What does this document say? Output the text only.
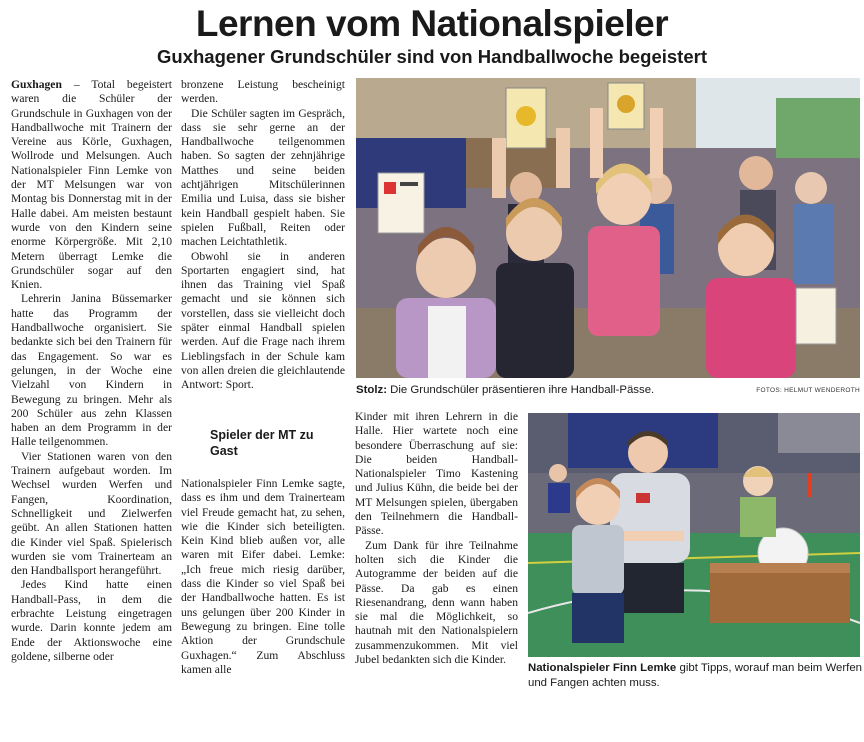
Lernen vom Nationalspieler
Guxhagener Grundschüler sind von Handballwoche begeistert

Guxhagen – Total begeistert waren die Schüler der Grundschule in Guxhagen von der Handballwoche mit Trainern der Vereine aus Körle, Guxhagen, Wollrode und Melsungen. Auch Nationalspieler Finn Lemke von der MT Melsungen war von Montag bis Donnerstag mit in der Halle dabei. Am meisten bestaunt wurde von den Kindern seine enorme Körpergröße. Mit 2,10 Metern überragt Lemke die Grundschüler sogar auf den Knien.

Lehrerin Janina Büssemarker hatte das Programm der Handballwoche organisiert. Sie bedankte sich bei den Trainern für das Engagement. So war es gelungen, in der Woche eine Vielzahl von Kindern in Bewegung zu bringen. Mehr als 200 Schüler aus zehn Klassen haben an dem Programm in der Halle teilgenommen.

Vier Stationen waren von den Trainern aufgebaut worden. Im Wechsel wurden Werfen und Fangen, Koordination, Schnelligkeit und Zielwerfen geübt. An allen Stationen hatten die Kinder viel Spaß. Spielerisch wurden sie vom Trainerteam an den Handballsport herangeführt.

Jedes Kind hatte einen Handball-Pass, in dem die erbrachte Leistung eingetragen wurde. Darin konnte jedem am Ende der Aktionswoche eine goldene, silberne oder

bronzene Leistung bescheinigt werden.

Die Schüler sagten im Gespräch, dass sie sehr gerne an der Handballwoche teilgenommen haben. So sagten der zehnjährige Matthes und seine beiden achtjährigen Mitschülerinnen Emilia und Luisa, dass sie bisher kein Handball gespielt haben. Sie spielen Fußball, Reiten oder machen Leichtathletik.

Obwohl sie in anderen Sportarten engagiert sind, hat ihnen das Training viel Spaß gemacht und sie können sich vorstellen, dass sie vielleicht doch später einmal Handball spielen werden. Auf die Frage nach ihrem Lieblingsfach in der Schule kam von allen dreien die gleichlautende Antwort: Sport.

Spieler der MT zu Gast

Nationalspieler Finn Lemke sagte, dass es ihm und dem Trainerteam viel Freude gemacht hat, zu sehen, wie die Kinder sich beteiligten. Kein Kind blieb außen vor, alle waren mit Eifer dabei. Lemke: „Ich freue mich riesig darüber, dass die Kinder so viel Spaß bei der Handballwoche hatten. Es ist uns gelungen über 200 Kinder in Bewegung zu bringen. Eine tolle Aktion der Grundschule Guxhagen.“ Zum Abschluss kamen alle

Kinder mit ihren Lehrern in die Halle. Hier wartete noch eine besondere Überraschung auf sie: Die beiden Handball-Nationalspieler Timo Kastening und Julius Kühn, die beide bei der MT Melsungen spielen, übergaben den Teilnehmern die Handball-Pässe.

Zum Dank für ihre Teilnahme holten sich die Kinder die Autogramme der beiden auf die Pässe. Da gab es einen Riesenandrang, denn wann haben sie mal die Möglichkeit, so hautnah mit den Nationalspielern zusammenzukommen. Mit viel Jubel bedankten sich die Kinder.

Stolz: Die Grundschüler präsentieren ihre Handball-Pässe.	FOTOS: HELMUT WENDEROTH
Nationalspieler Finn Lemke gibt Tipps, worauf man beim Werfen und Fangen achten muss.
